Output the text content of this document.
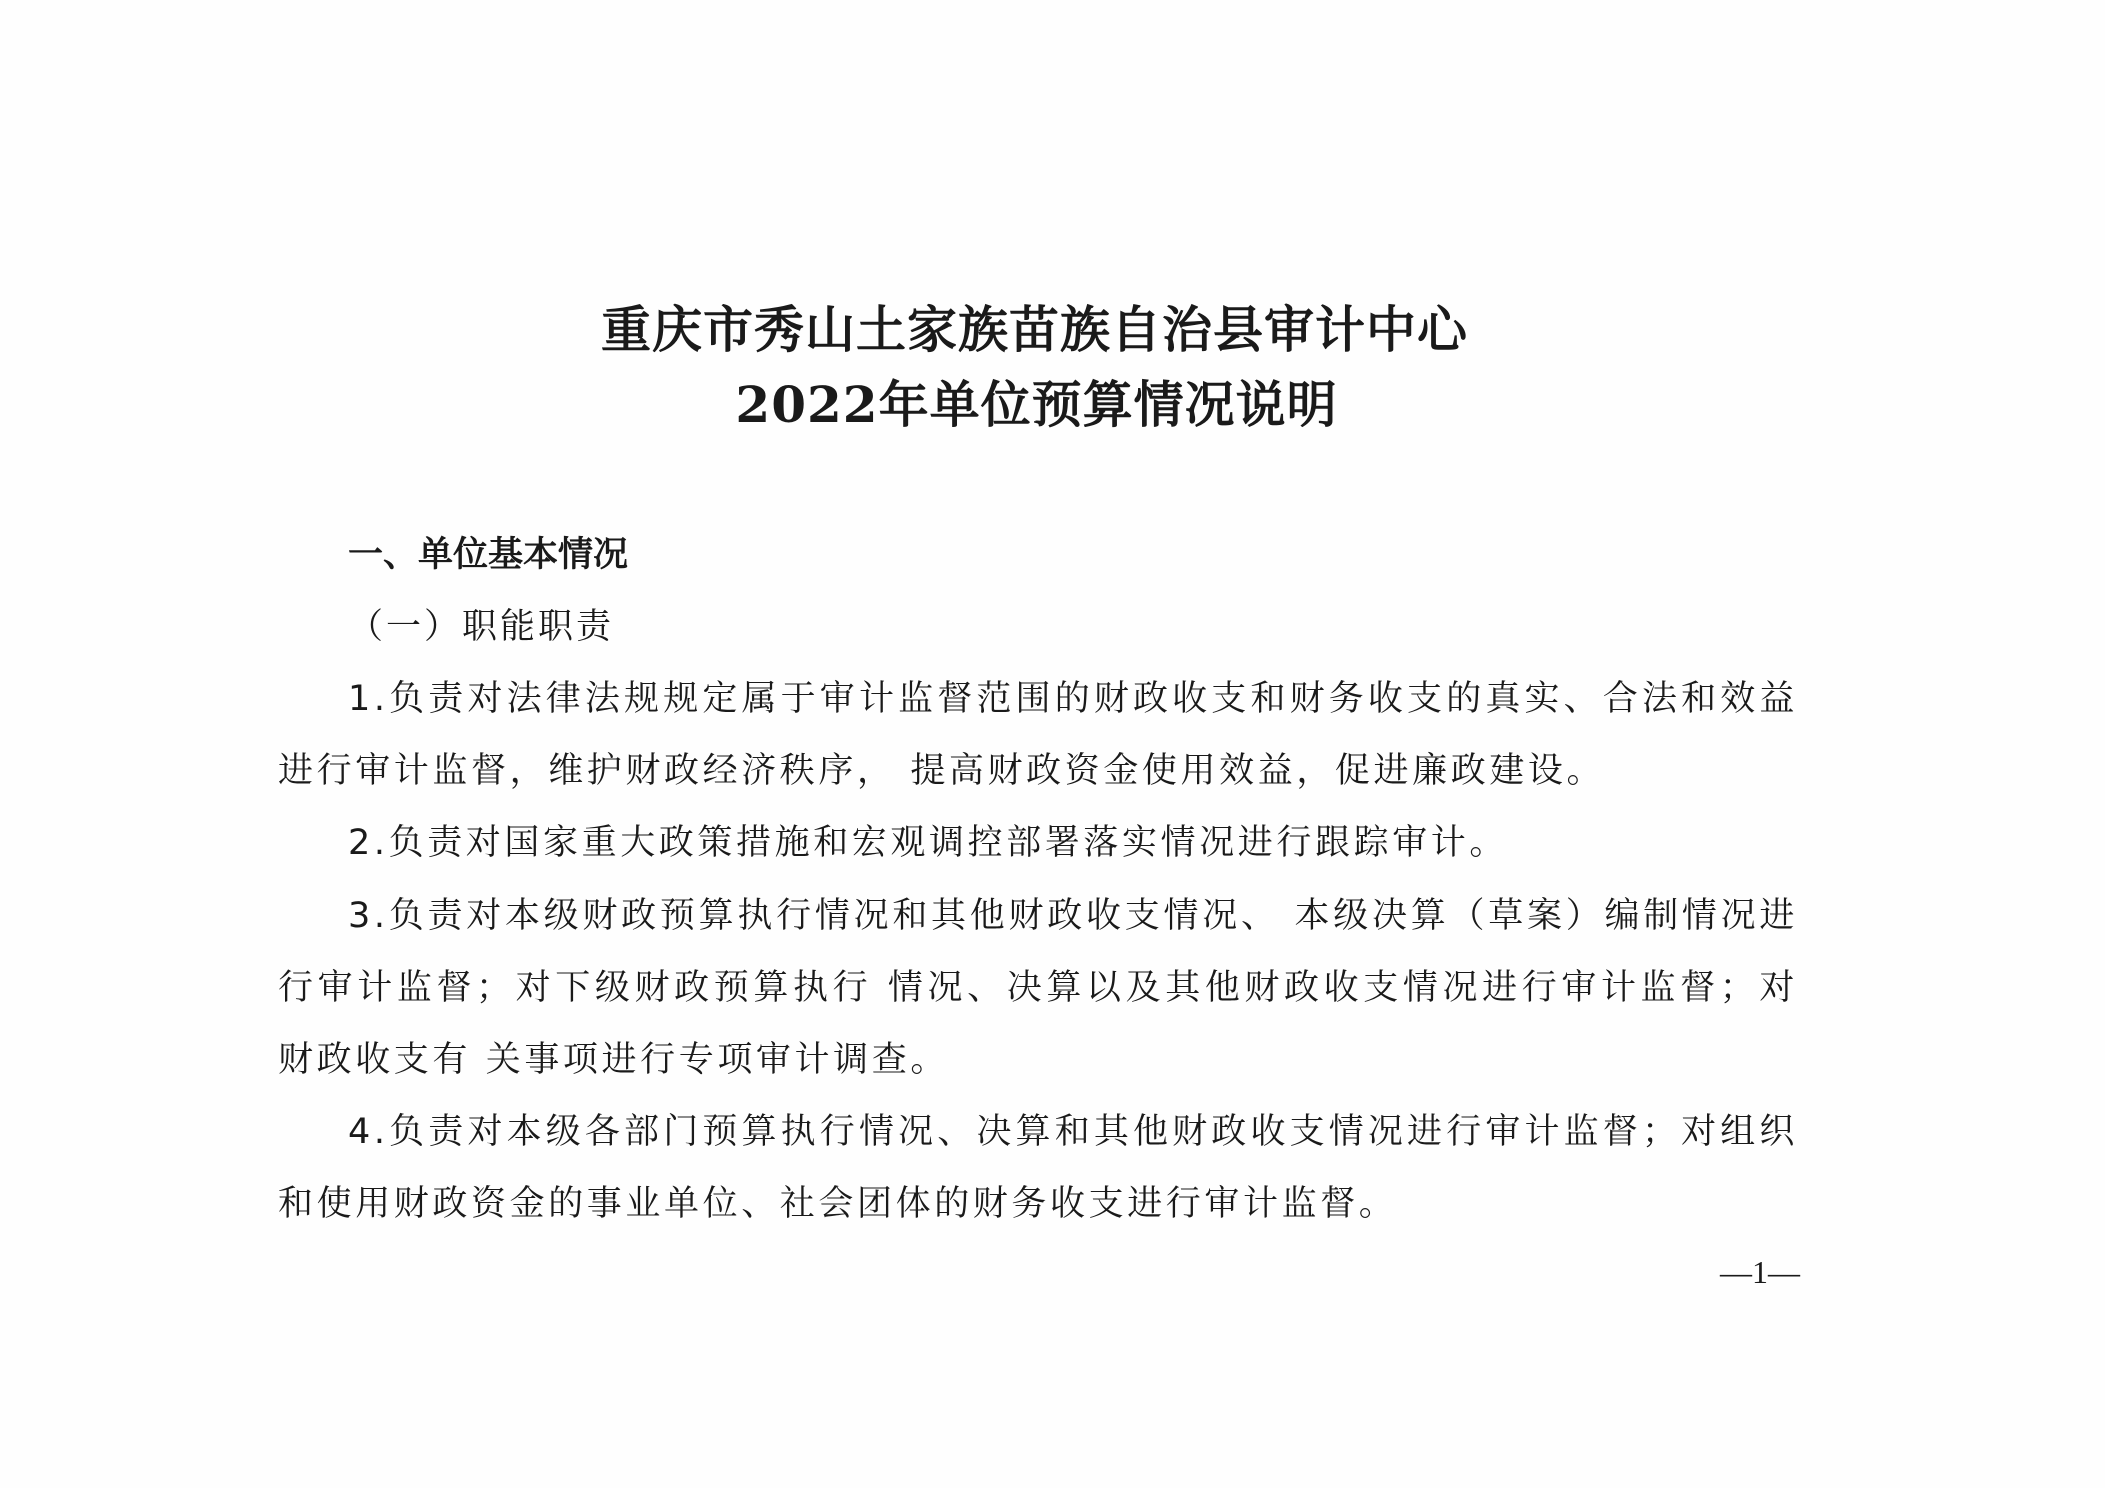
重庆市秀山土家族苗族自治县审计中心
2022年单位预算情况说明
一、单位基本情况
（一）职能职责
1.负责对法律法规规定属于审计监督范围的财政收支和财务收支的真实、合法和效益进行审计监督，维护财政经济秩序， 提高财政资金使用效益，促进廉政建设。
2.负责对国家重大政策措施和宏观调控部署落实情况进行跟踪审计。
3.负责对本级财政预算执行情况和其他财政收支情况、 本级决算（草案）编制情况进行审计监督；对下级财政预算执行 情况、决算以及其他财政收支情况进行审计监督；对财政收支有 关事项进行专项审计调查。
4.负责对本级各部门预算执行情况、决算和其他财政收支情况进行审计监督；对组织和使用财政资金的事业单位、社会团体的财务收支进行审计监督。
—1—
